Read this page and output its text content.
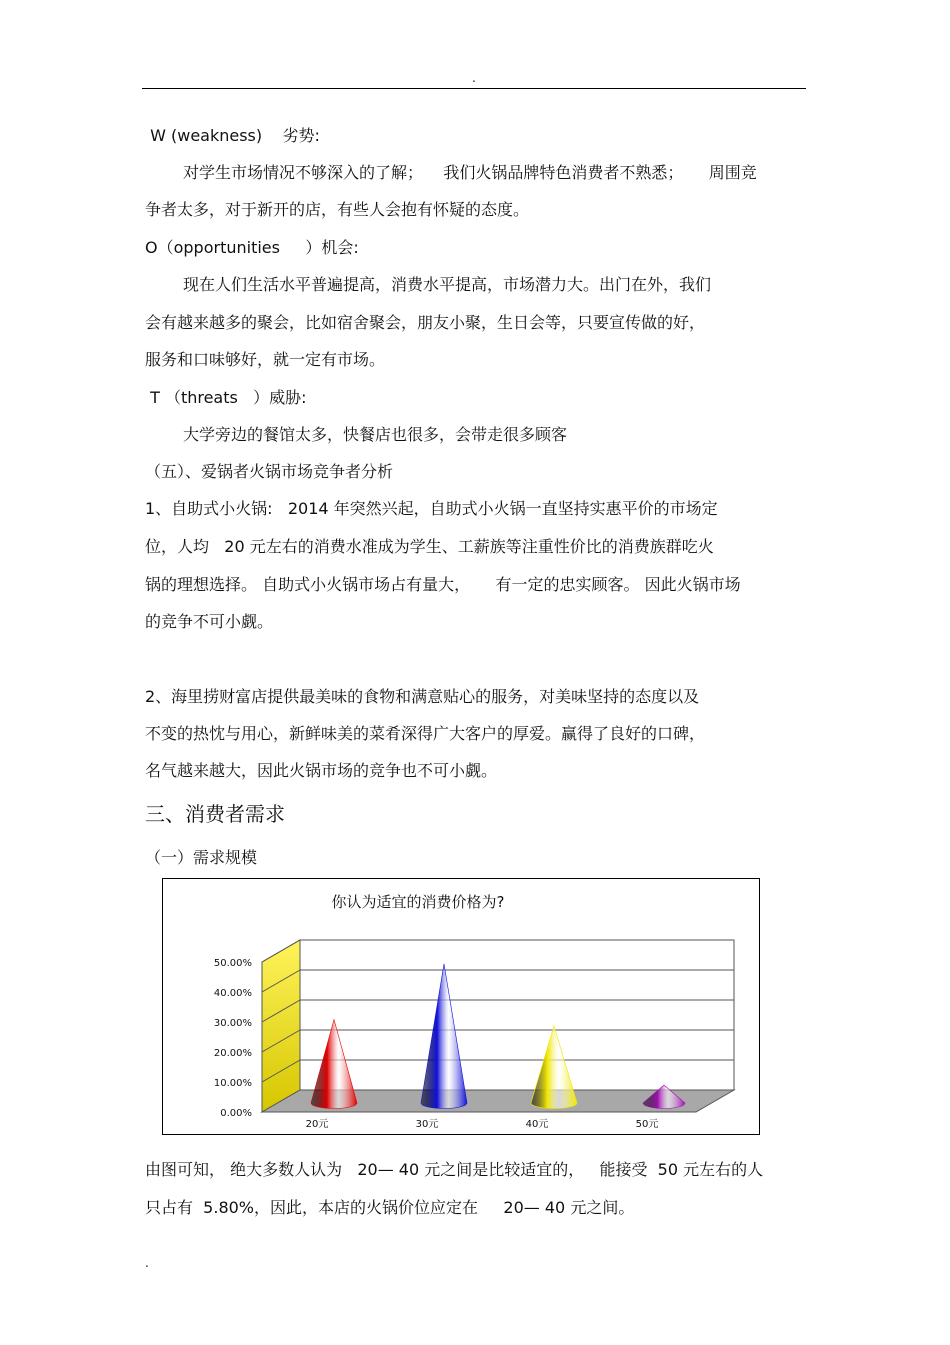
.
W (weakness)    劣势:
对学生市场情况不够深入的了解；    我们火锅品牌特色消费者不熟悉；     周围竞
争者太多，对于新开的店，有些人会抱有怀疑的态度。
O（opportunities     ）机会:
现在人们生活水平普遍提高，消费水平提高，市场潜力大。出门在外，我们
会有越来越多的聚会，比如宿舍聚会，朋友小聚，生日会等，只要宣传做的好，
服务和口味够好，就一定有市场。
T （threats   ）威胁:
大学旁边的餐馆太多，快餐店也很多，会带走很多顾客
（五）、爱锅者火锅市场竞争者分析
1、自助式小火锅:   2014 年突然兴起，自助式小火锅一直坚持实惠平价的市场定
位，人均   20 元左右的消费水准成为学生、工薪族等注重性价比的消费族群吃火
锅的理想选择。 自助式小火锅市场占有量大，     有一定的忠实顾客。 因此火锅市场
的竞争不可小觑。
2、海里捞财富店提供最美味的食物和满意贴心的服务，对美味坚持的态度以及
不变的热忱与用心，新鲜味美的菜肴深得广大客户的厚爱。赢得了良好的口碑，
名气越来越大，因此火锅市场的竞争也不可小觑。
三、消费者需求
（一）需求规模
由图可知， 绝大多数人认为   20— 40 元之间是比较适宜的，   能接受  50 元左右的人
只占有  5.80%，因此，本店的火锅价位应定在     20— 40 元之间。
你认为适宜的消费价格为?
0.00%
10.00%
20.00%
30.00%
40.00%
50.00%
20元	30元	40元	50元
.
